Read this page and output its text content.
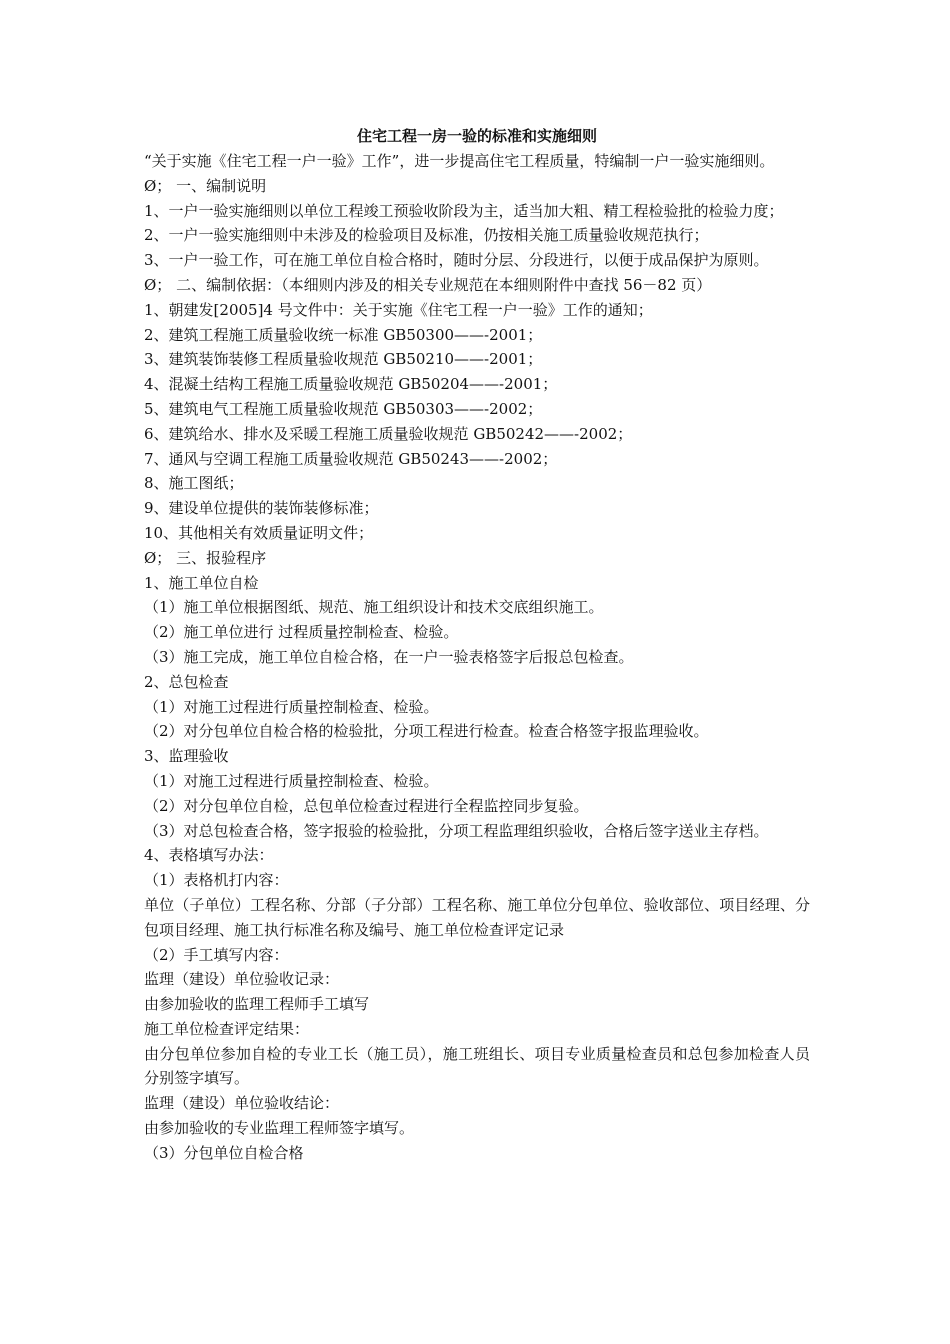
住宅工程一房一验的标准和实施细则

“关于实施《住宅工程一户一验》工作”，进一步提高住宅工程质量，特编制一户一验实施细则。

Ø； 一、编制说明

1、一户一验实施细则以单位工程竣工预验收阶段为主，适当加大粗、精工程检验批的检验力度；

2、一户一验实施细则中未涉及的检验项目及标准，仍按相关施工质量验收规范执行；

3、一户一验工作，可在施工单位自检合格时，随时分层、分段进行，以便于成品保护为原则。

Ø； 二、编制依据：（本细则内涉及的相关专业规范在本细则附件中查找 56－82 页）

1、朝建发[2005]4 号文件中：关于实施《住宅工程一户一验》工作的通知；

2、建筑工程施工质量验收统一标准 GB50300——-2001；

3、建筑装饰装修工程质量验收规范 GB50210——-2001；

4、混凝土结构工程施工质量验收规范 GB50204——-2001；

5、建筑电气工程施工质量验收规范 GB50303——-2002；

6、建筑给水、排水及采暖工程施工质量验收规范 GB50242——-2002；

7、通风与空调工程施工质量验收规范 GB50243——-2002；

8、施工图纸；

9、建设单位提供的装饰装修标准；

10、其他相关有效质量证明文件；

Ø； 三、报验程序

1、施工单位自检

（1）施工单位根据图纸、规范、施工组织设计和技术交底组织施工。

（2）施工单位进行 过程质量控制检查、检验。

（3）施工完成，施工单位自检合格，在一户一验表格签字后报总包检查。

2、总包检查

（1）对施工过程进行质量控制检查、检验。

（2）对分包单位自检合格的检验批，分项工程进行检查。检查合格签字报监理验收。

3、监理验收

（1）对施工过程进行质量控制检查、检验。

（2）对分包单位自检，总包单位检查过程进行全程监控同步复验。

（3）对总包检查合格，签字报验的检验批，分项工程监理组织验收，合格后签字送业主存档。

4、表格填写办法：

（1）表格机打内容：

单位（子单位）工程名称、分部（子分部）工程名称、施工单位分包单位、验收部位、项目经理、分包项目经理、施工执行标准名称及编号、施工单位检查评定记录

（2）手工填写内容：

监理（建设）单位验收记录：

由参加验收的监理工程师手工填写

施工单位检查评定结果：

由分包单位参加自检的专业工长（施工员），施工班组长、项目专业质量检查员和总包参加检查人员分别签字填写。

监理（建设）单位验收结论：

由参加验收的专业监理工程师签字填写。

（3）分包单位自检合格
